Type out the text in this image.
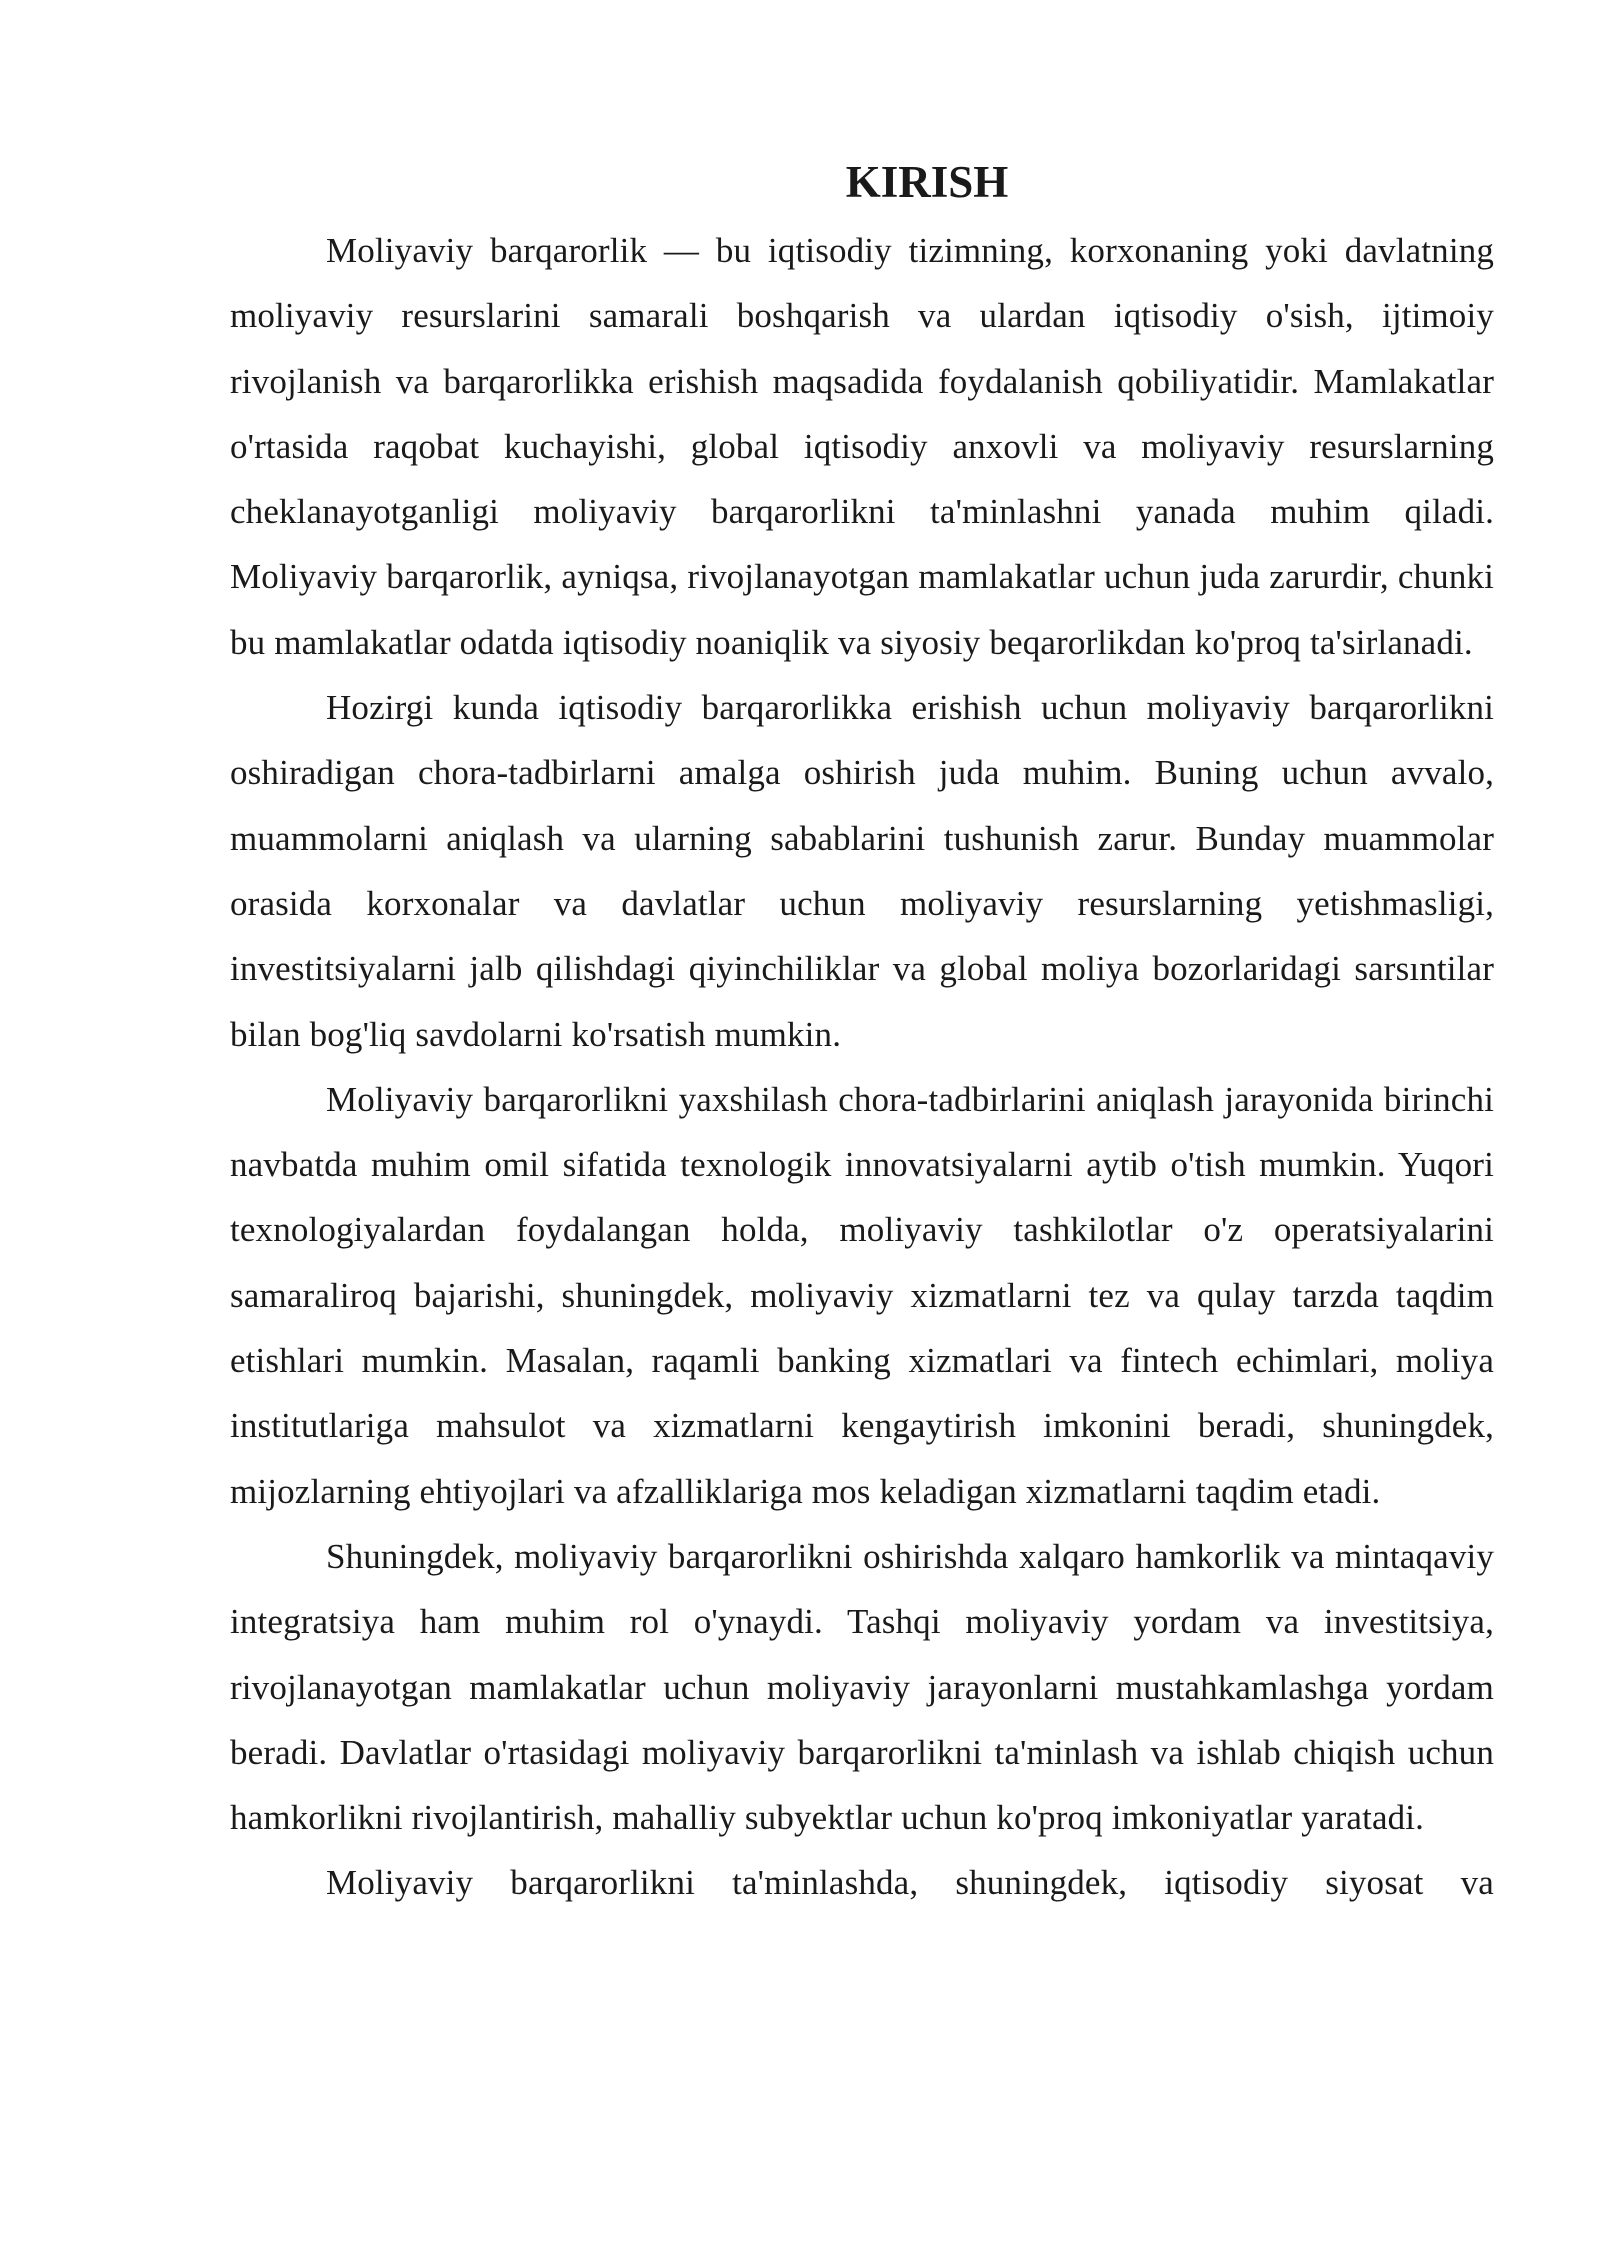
KIRISH

Moliyaviy barqarorlik — bu iqtisodiy tizimning, korxonaning yoki davlatning moliyaviy resurslarini samarali boshqarish va ulardan iqtisodiy o'sish, ijtimoiy rivojlanish va barqarorlikka erishish maqsadida foydalanish qobiliyatidir. Mamlakatlar o'rtasida raqobat kuchayishi, global iqtisodiy anxovli va moliyaviy resurslarning cheklanayotganligi moliyaviy barqarorlikni ta'minlashni yanada muhim qiladi. Moliyaviy barqarorlik, ayniqsa, rivojlanayotgan mamlakatlar uchun juda zarurdir, chunki bu mamlakatlar odatda iqtisodiy noaniqlik va siyosiy beqarorlikdan ko'proq ta'sirlanadi.

Hozirgi kunda iqtisodiy barqarorlikka erishish uchun moliyaviy barqarorlikni oshiradigan chora-tadbirlarni amalga oshirish juda muhim. Buning uchun avvalo, muammolarni aniqlash va ularning sabablarini tushunish zarur. Bunday muammolar orasida korxonalar va davlatlar uchun moliyaviy resurslarning yetishmasligi, investitsiyalarni jalb qilishdagi qiyinchiliklar va global moliya bozorlaridagi sarsıntilar bilan bog'liq savdolarni ko'rsatish mumkin.

Moliyaviy barqarorlikni yaxshilash chora-tadbirlarini aniqlash jarayonida birinchi navbatda muhim omil sifatida texnologik innovatsiyalarni aytib o'tish mumkin. Yuqori texnologiyalardan foydalangan holda, moliyaviy tashkilotlar o'z operatsiyalarini samaraliroq bajarishi, shuningdek, moliyaviy xizmatlarni tez va qulay tarzda taqdim etishlari mumkin. Masalan, raqamli banking xizmatlari va fintech echimlari, moliya institutlariga mahsulot va xizmatlarni kengaytirish imkonini beradi, shuningdek, mijozlarning ehtiyojlari va afzalliklariga mos keladigan xizmatlarni taqdim etadi.

Shuningdek, moliyaviy barqarorlikni oshirishda xalqaro hamkorlik va mintaqaviy integratsiya ham muhim rol o'ynaydi. Tashqi moliyaviy yordam va investitsiya, rivojlanayotgan mamlakatlar uchun moliyaviy jarayonlarni mustahkamlashga yordam beradi. Davlatlar o'rtasidagi moliyaviy barqarorlikni ta'minlash va ishlab chiqish uchun hamkorlikni rivojlantirish, mahalliy subyektlar uchun ko'proq imkoniyatlar yaratadi.

Moliyaviy barqarorlikni ta'minlashda, shuningdek, iqtisodiy siyosat va
